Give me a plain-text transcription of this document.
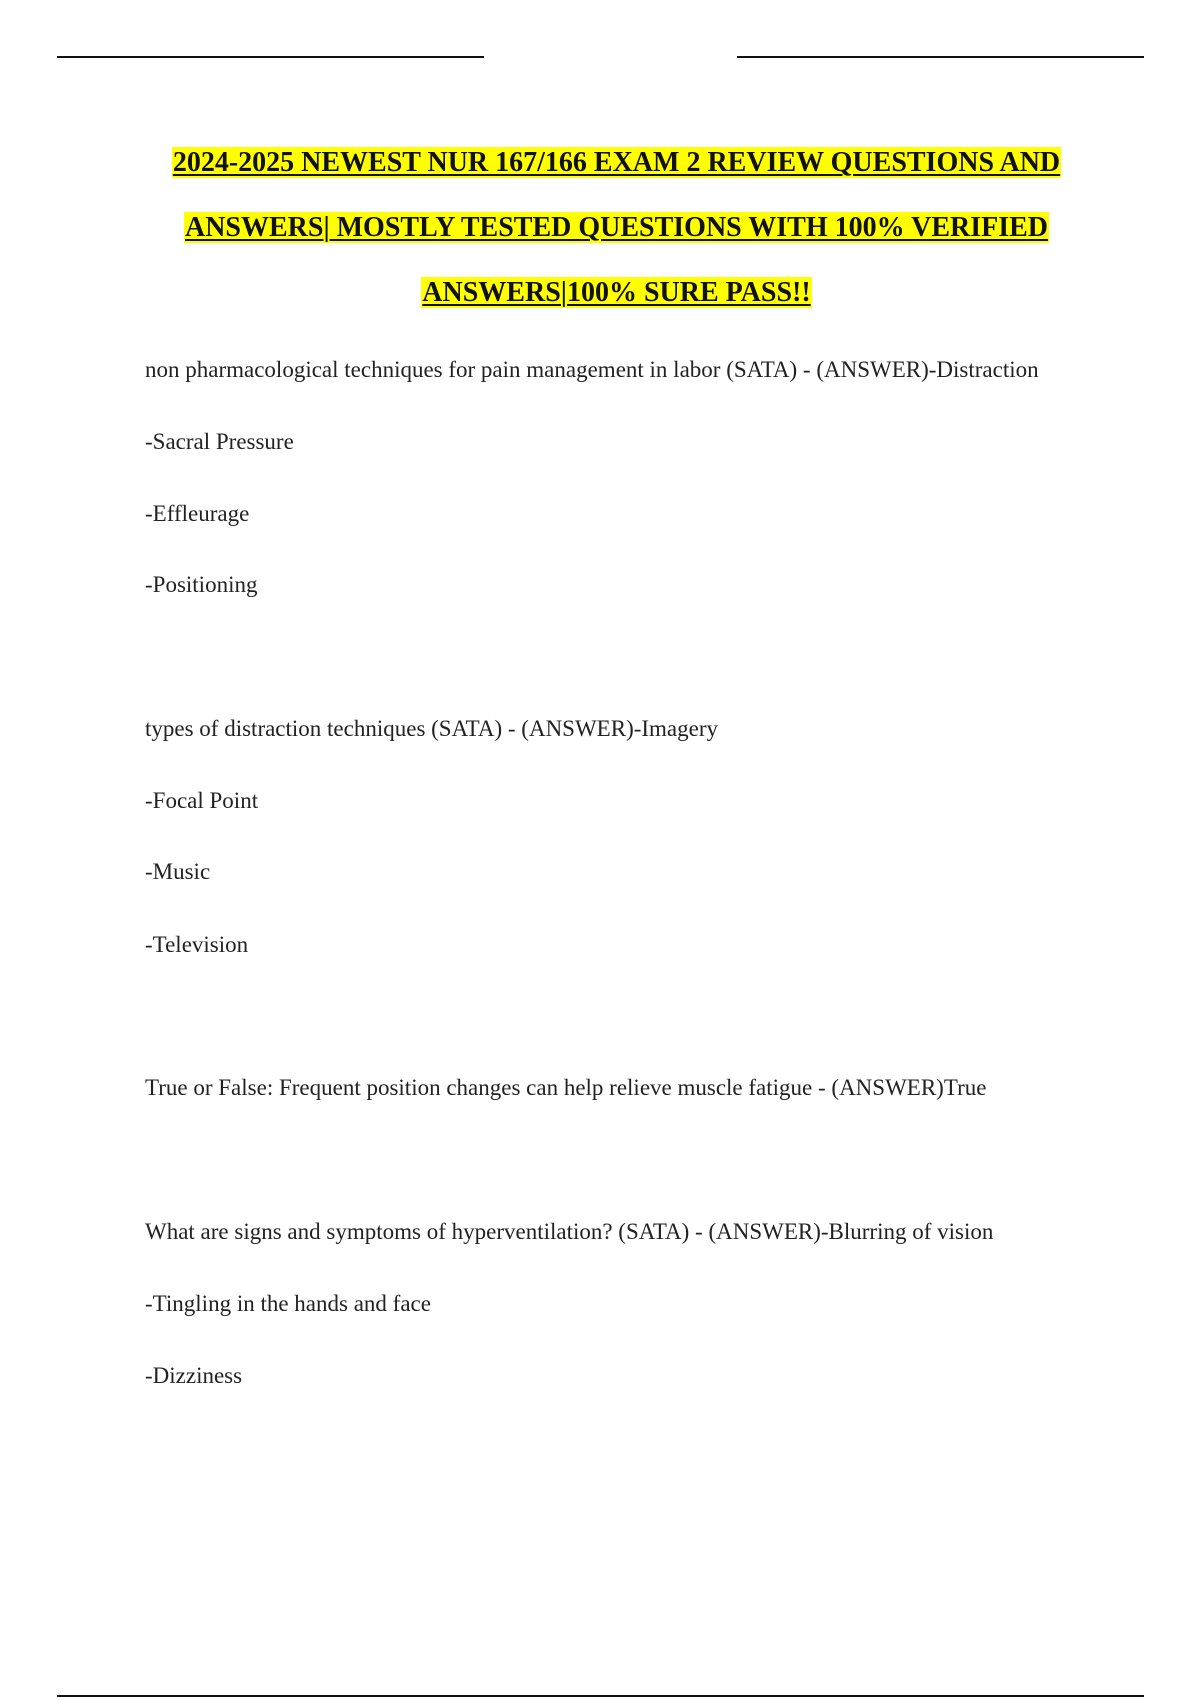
2024-2025 NEWEST NUR 167/166 EXAM 2 REVIEW QUESTIONS AND
ANSWERS| MOSTLY TESTED QUESTIONS WITH 100% VERIFIED
ANSWERS|100% SURE PASS!!
non pharmacological techniques for pain management in labor (SATA) - (ANSWER)-Distraction
-Sacral Pressure
-Effleurage
-Positioning
types of distraction techniques (SATA) - (ANSWER)-Imagery
-Focal Point
-Music
-Television
True or False: Frequent position changes can help relieve muscle fatigue - (ANSWER)True
What are signs and symptoms of hyperventilation? (SATA) - (ANSWER)-Blurring of vision
-Tingling in the hands and face
-Dizziness
